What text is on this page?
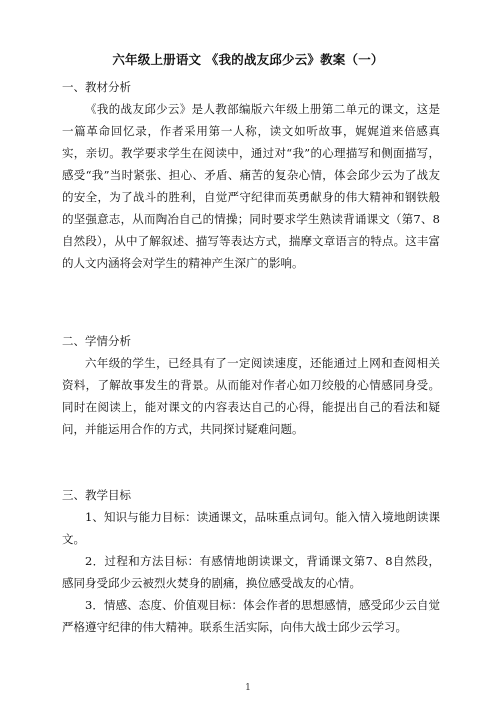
六年级上册语文 《我的战友邱少云》教案（一）
一、教材分析

《我的战友邱少云》是人教部编版六年级上册第二单元的课文，这是一篇革命回忆录，作者采用第一人称，读文如听故事，娓娓道来倍感真实，亲切。教学要求学生在阅读中，通过对“我”的心理描写和侧面描写，感受“我”当时紧张、担心、矛盾、痛苦的复杂心情，体会邱少云为了战友的安全，为了战斗的胜利，自觉严守纪律而英勇献身的伟大精神和钢铁般的坚强意志，从而陶冶自己的情操；同时要求学生熟读背诵课文（第7、8自然段），从中了解叙述、描写等表达方式，揣摩文章语言的特点。这丰富的人文内涵将会对学生的精神产生深广的影响。

二、学情分析

六年级的学生，已经具有了一定阅读速度，还能通过上网和查阅相关资料，了解故事发生的背景。从而能对作者心如刀绞般的心情感同身受。同时在阅读上，能对课文的内容表达自己的心得，能提出自己的看法和疑问，并能运用合作的方式，共同探讨疑难问题。

三、教学目标

1、知识与能力目标：读通课文，品味重点词句。能入情入境地朗读课文。

2．过程和方法目标：有感情地朗读课文，背诵课文第7、8自然段，感同身受邱少云被烈火焚身的剧痛，换位感受战友的心情。

3．情感、态度、价值观目标：体会作者的思想感情，感受邱少云自觉严格遵守纪律的伟大精神。联系生活实际，向伟大战士邱少云学习。

1
